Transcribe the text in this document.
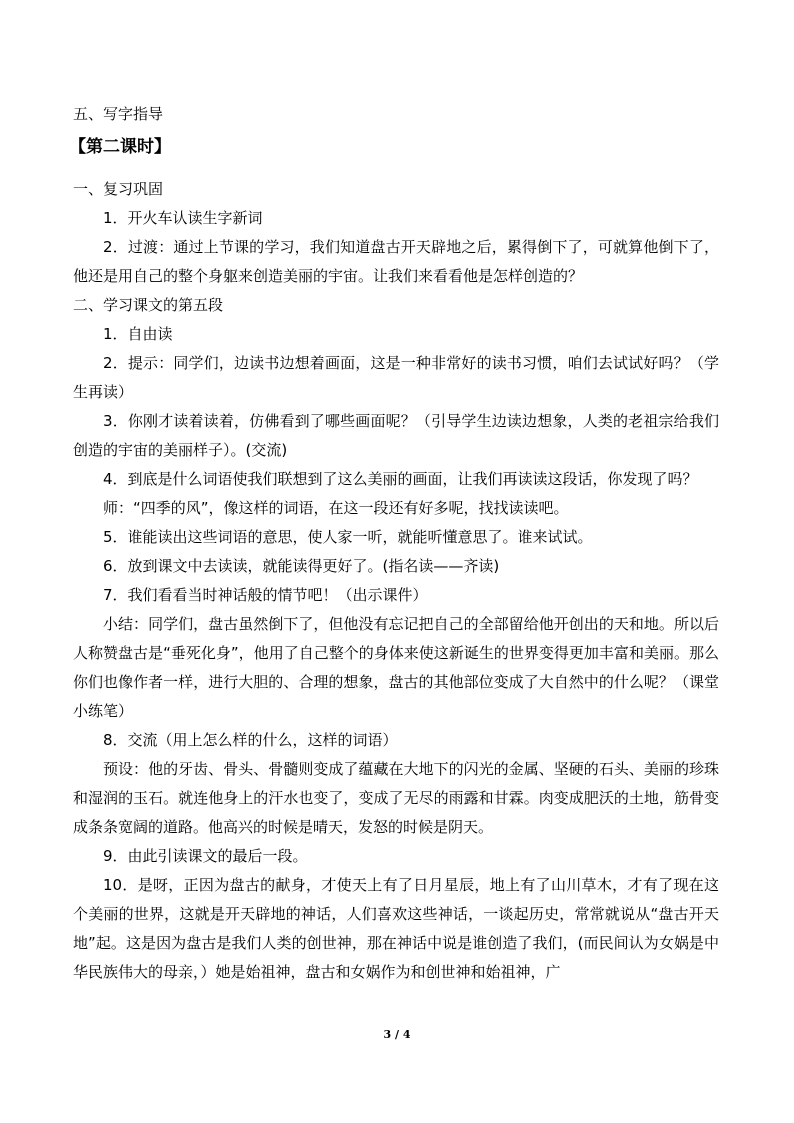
五、写字指导

【第二课时】

一、复习巩固

1．开火车认读生字新词

2．过渡：通过上节课的学习，我们知道盘古开天辟地之后，累得倒下了，可就算他倒下了，他还是用自己的整个身躯来创造美丽的宇宙。让我们来看看他是怎样创造的？

二、学习课文的第五段

1．自由读

2．提示：同学们，边读书边想着画面，这是一种非常好的读书习惯，咱们去试试好吗？（学生再读）

3．你刚才读着读着，仿佛看到了哪些画面呢？（引导学生边读边想象，人类的老祖宗给我们创造的宇宙的美丽样子）。(交流)

4．到底是什么词语使我们联想到了这么美丽的画面，让我们再读读这段话，你发现了吗？

师：“四季的风”，像这样的词语，在这一段还有好多呢，找找读读吧。

5．谁能读出这些词语的意思，使人家一听，就能听懂意思了。谁来试试。

6．放到课文中去读读，就能读得更好了。(指名读——齐读)

7．我们看看当时神话般的情节吧！（出示课件）

小结：同学们，盘古虽然倒下了，但他没有忘记把自己的全部留给他开创出的天和地。所以后人称赞盘古是“垂死化身”，他用了自己整个的身体来使这新诞生的世界变得更加丰富和美丽。那么你们也像作者一样，进行大胆的、合理的想象，盘古的其他部位变成了大自然中的什么呢？（课堂小练笔）

8．交流（用上怎么样的什么，这样的词语）

预设：他的牙齿、骨头、骨髓则变成了蕴藏在大地下的闪光的金属、坚硬的石头、美丽的珍珠和湿润的玉石。就连他身上的汗水也变了，变成了无尽的雨露和甘霖。肉变成肥沃的土地，筋骨变成条条宽阔的道路。他高兴的时候是晴天，发怒的时候是阴天。

9．由此引读课文的最后一段。

10．是呀，正因为盘古的献身，才使天上有了日月星辰，地上有了山川草木，才有了现在这个美丽的世界，这就是开天辟地的神话，人们喜欢这些神话，一谈起历史，常常就说从“盘古开天地”起。这是因为盘古是我们人类的创世神，那在神话中说是谁创造了我们，(而民间认为女娲是中华民族伟大的母亲，）她是始祖神，盘古和女娲作为和创世神和始祖神，广

3 / 4
